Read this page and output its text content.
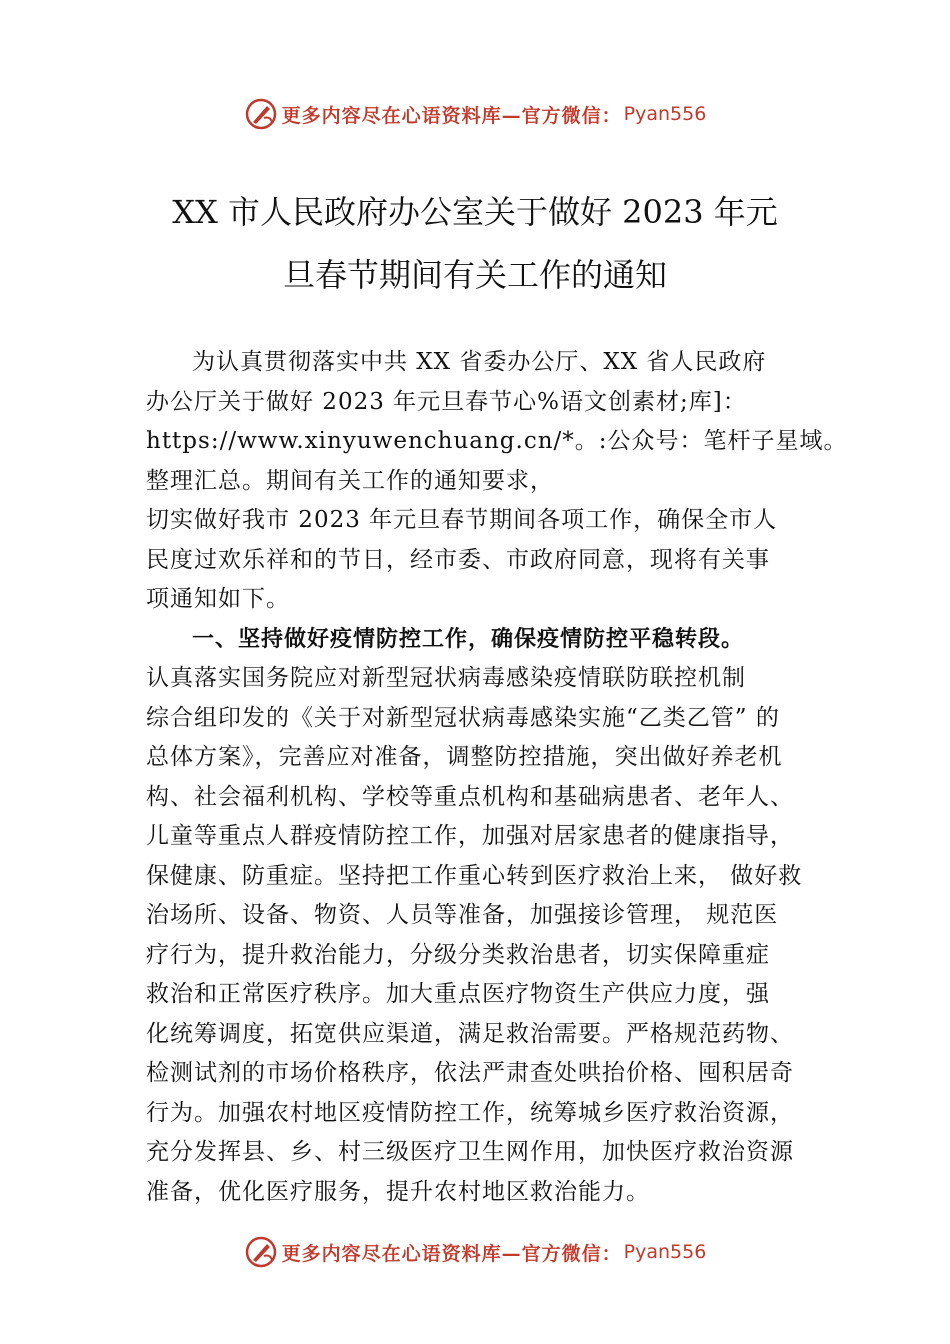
更多内容尽在心语资料库—官方微信： Pyan556
XX 市人民政府办公室关于做好 2023 年元
旦春节期间有关工作的通知

为认真贯彻落实中共 XX 省委办公厅、XX 省人民政府

办公厅关于做好 2023 年元旦春节心%语文创素材;库]：

https://www.xinyuwenchuang.cn/*。:公众号：笔杆子星域。

整理汇总。期间有关工作的通知要求，

切实做好我市 2023 年元旦春节期间各项工作，确保全市人

民度过欢乐祥和的节日，经市委、市政府同意，现将有关事

项通知如下。

一、坚持做好疫情防控工作，确保疫情防控平稳转段。

认真落实国务院应对新型冠状病毒感染疫情联防联控机制

综合组印发的《关于对新型冠状病毒感染实施“乙类乙管” 的

总体方案》，完善应对准备，调整防控措施，突出做好养老机

构、社会福利机构、学校等重点机构和基础病患者、老年人、

儿童等重点人群疫情防控工作，加强对居家患者的健康指导，

保健康、防重症。坚持把工作重心转到医疗救治上来， 做好救

治场所、设备、物资、人员等准备，加强接诊管理， 规范医

疗行为，提升救治能力，分级分类救治患者，切实保障重症

救治和正常医疗秩序。加大重点医疗物资生产供应力度，强

化统筹调度，拓宽供应渠道，满足救治需要。严格规范药物、

检测试剂的市场价格秩序，依法严肃查处哄抬价格、囤积居奇

行为。加强农村地区疫情防控工作，统筹城乡医疗救治资源，

充分发挥县、乡、村三级医疗卫生网作用，加快医疗救治资源

准备，优化医疗服务，提升农村地区救治能力。

更多内容尽在心语资料库—官方微信： Pyan556
